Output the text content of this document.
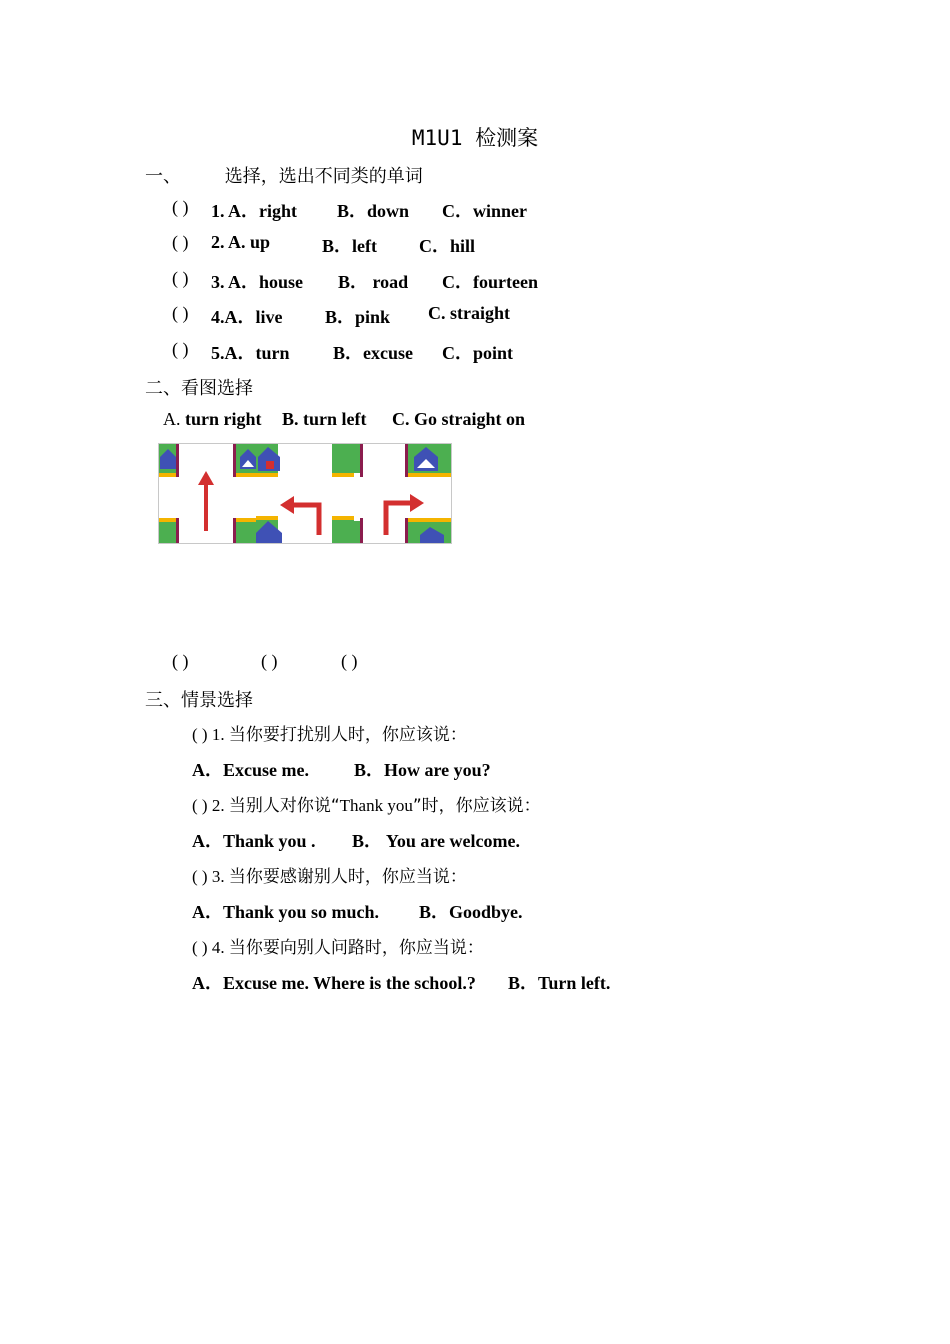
M1U1 检测案
一、 选择，选出不同类的单词
( ) 1. A．right B．down C．winner
( ) 2. A. up	B．left C．hill
( ) 3. A．house B． road C．fourteen
( ) 4.A．live B．pink C. straight
( ) 5.A．turn B．excuse C．point
二、看图选择
A. turn right B. turn left C. Go straight on
( )	( )	( )
三、情景选择
( ) 1. 当你要打扰别人时，你应该说：
A．Excuse me.	B．How are you?
( ) 2. 当别人对你说“Thank you”时，你应该说：
A．Thank you . B． You are welcome.
( ) 3. 当你要感谢别人时，你应当说：
A．Thank you so much. B．Goodbye.
( ) 4. 当你要向别人问路时，你应当说：
A．Excuse me. Where is the school.? B．Turn left.
